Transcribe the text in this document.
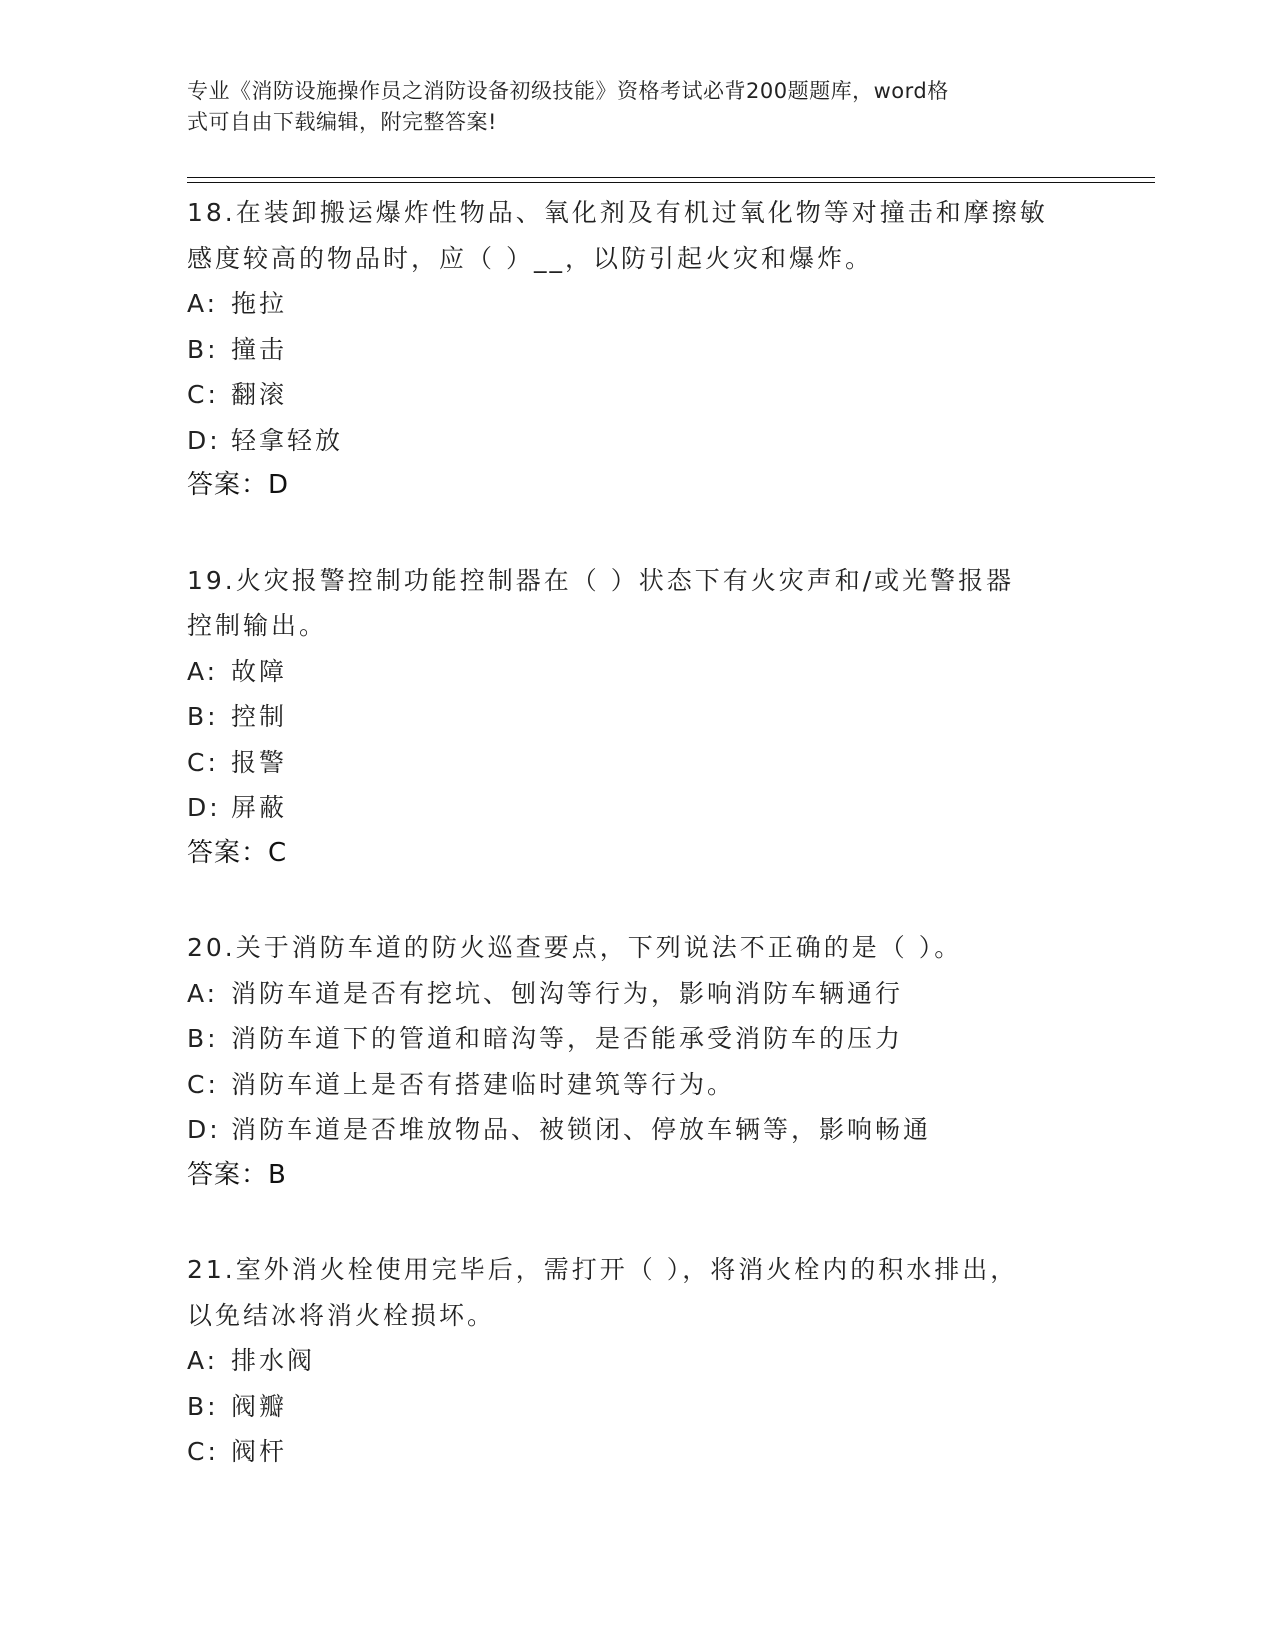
专业《消防设施操作员之消防设备初级技能》资格考试必背200题题库，word格
式可自由下载编辑，附完整答案!
18.在装卸搬运爆炸性物品、氧化剂及有机过氧化物等对撞击和摩擦敏
感度较高的物品时，应（ ）__，以防引起火灾和爆炸。
A: 拖拉
B: 撞击
C: 翻滚
D: 轻拿轻放
答案：D
19.火灾报警控制功能控制器在（ ）状态下有火灾声和/或光警报器
控制输出。
A: 故障
B: 控制
C: 报警
D: 屏蔽
答案：C
20.关于消防车道的防火巡查要点，下列说法不正确的是（ ）。
A: 消防车道是否有挖坑、刨沟等行为，影响消防车辆通行
B: 消防车道下的管道和暗沟等，是否能承受消防车的压力
C: 消防车道上是否有搭建临时建筑等行为。
D: 消防车道是否堆放物品、被锁闭、停放车辆等，影响畅通
答案：B
21.室外消火栓使用完毕后，需打开（ ），将消火栓内的积水排出，
以免结冰将消火栓损坏。
A: 排水阀
B: 阀瓣
C: 阀杆
